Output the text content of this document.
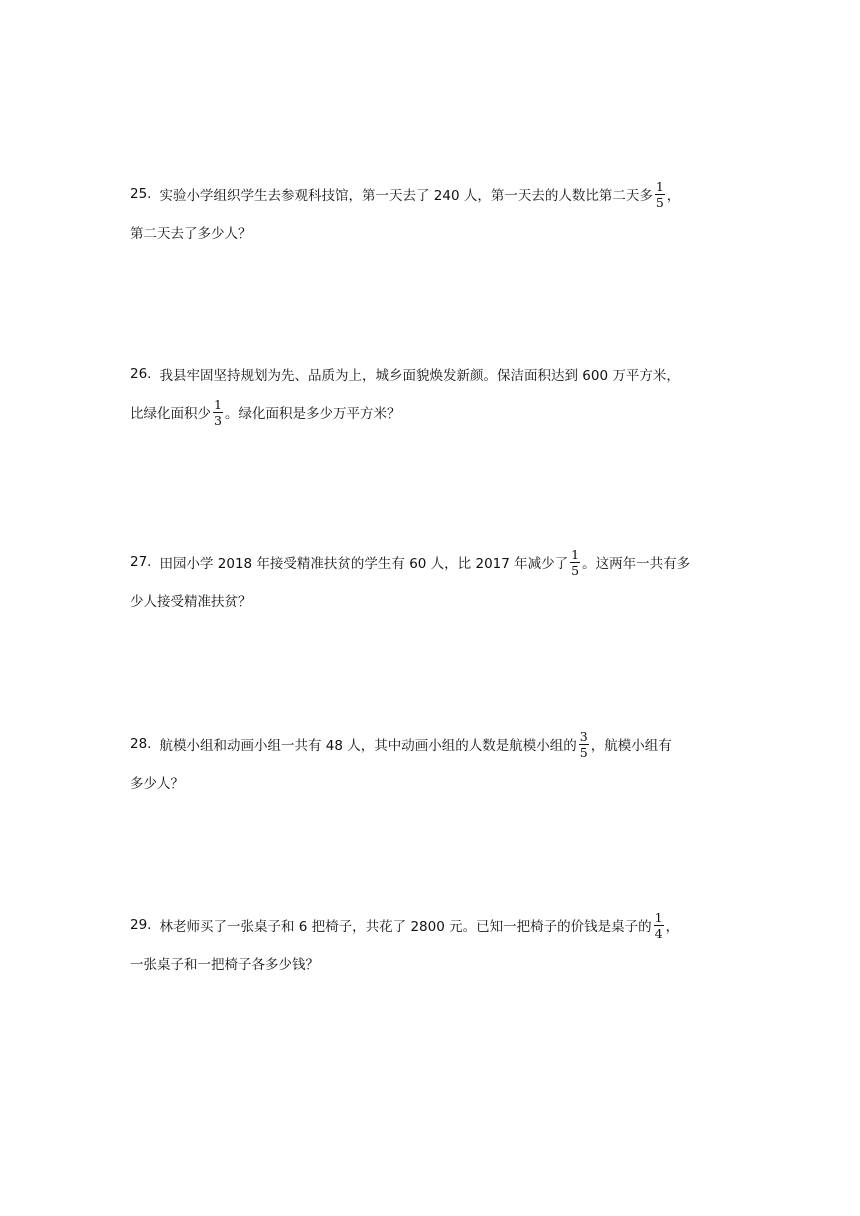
25. 实验小学组织学生去参观科技馆，第一天去了 240 人，第一天去的人数比第二天多 $\frac{1}{5}$ ，
第二天去了多少人？
26. 我县牢固坚持规划为先、品质为上，城乡面貌焕发新颜。保洁面积达到 600 万平方米，
比绿化面积少 $\frac{1}{3}$ 。绿化面积是多少万平方米？
27. 田园小学 2018 年接受精准扶贫的学生有 60 人，比 2017 年减少了 $\frac{1}{5}$ 。这两年一共有多
少人接受精准扶贫？
28. 航模小组和动画小组一共有 48 人，其中动画小组的人数是航模小组的 $\frac{3}{5}$ ，航模小组有
多少人？
29. 林老师买了一张桌子和 6 把椅子，共花了 2800 元。已知一把椅子的价钱是桌子的 $\frac{1}{4}$ ，
一张桌子和一把椅子各多少钱？
